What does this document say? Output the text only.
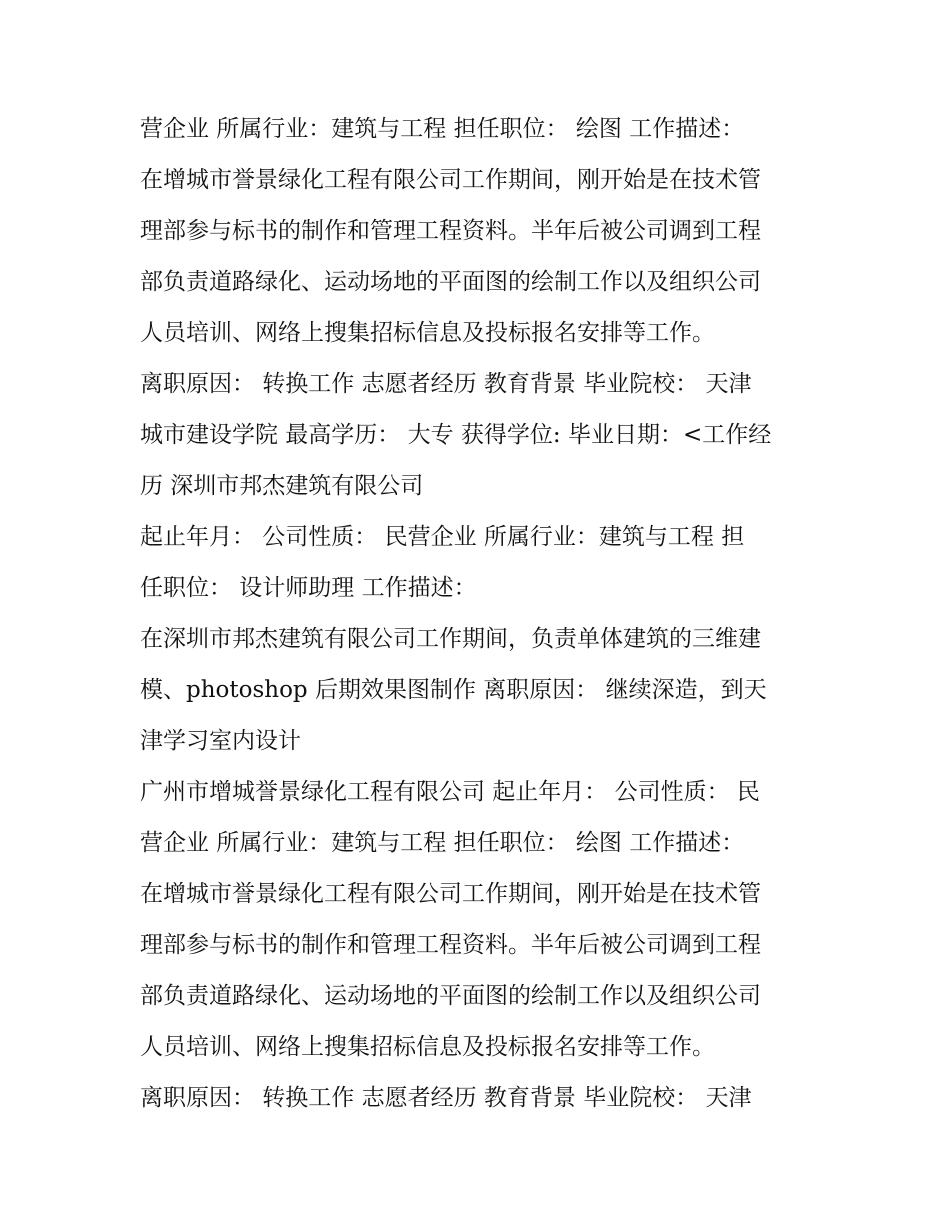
营企业 所属行业：建筑与工程 担任职位： 绘图 工作描述：
在增城市誉景绿化工程有限公司工作期间，刚开始是在技术管
理部参与标书的制作和管理工程资料。半年后被公司调到工程
部负责道路绿化、运动场地的平面图的绘制工作以及组织公司
人员培训、网络上搜集招标信息及投标报名安排等工作。
离职原因： 转换工作 志愿者经历 教育背景 毕业院校： 天津
城市建设学院 最高学历： 大专 获得学位: 毕业日期：<工作经
历 深圳市邦杰建筑有限公司
起止年月： 公司性质： 民营企业 所属行业：建筑与工程 担
任职位： 设计师助理 工作描述：
在深圳市邦杰建筑有限公司工作期间，负责单体建筑的三维建
模、photoshop 后期效果图制作 离职原因： 继续深造，到天
津学习室内设计
广州市增城誉景绿化工程有限公司 起止年月： 公司性质： 民
营企业 所属行业：建筑与工程 担任职位： 绘图 工作描述：
在增城市誉景绿化工程有限公司工作期间，刚开始是在技术管
理部参与标书的制作和管理工程资料。半年后被公司调到工程
部负责道路绿化、运动场地的平面图的绘制工作以及组织公司
人员培训、网络上搜集招标信息及投标报名安排等工作。
离职原因： 转换工作 志愿者经历 教育背景 毕业院校： 天津
